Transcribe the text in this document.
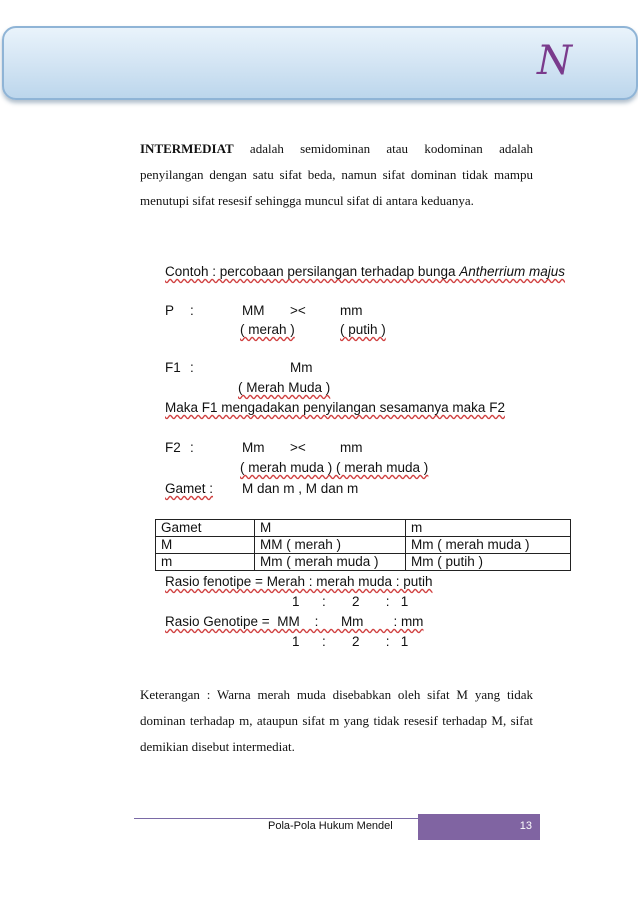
N
INTERMEDIAT adalah semidominan atau kodominan adalah penyilangan dengan satu sifat beda, namun sifat dominan tidak mampu menutupi sifat resesif sehingga muncul sifat di antara keduanya.
Contoh : percobaan persilangan terhadap bunga Antherrium majus
P	:	MM	><	mm
( merah )	( putih )
F1 :	Mm
( Merah Muda )
Maka F1 mengadakan penyilangan sesamanya maka F2
F2 :	Mm	><	mm
( merah muda ) ( merah muda )
Gamet :	M dan m , M dan m
Gamet	M	m
M	MM ( merah )	Mm ( merah muda )
m	Mm ( merah muda )	Mm ( putih )
Rasio fenotipe = Merah : merah muda : putih
1      :       2       :   1
Rasio Genotipe =  MM    :      Mm        : mm
1      :       2       :   1
Keterangan : Warna merah muda disebabkan oleh sifat M yang tidak dominan terhadap m, ataupun sifat m yang tidak resesif terhadap M, sifat demikian disebut intermediat.
Pola-Pola Hukum Mendel	13
